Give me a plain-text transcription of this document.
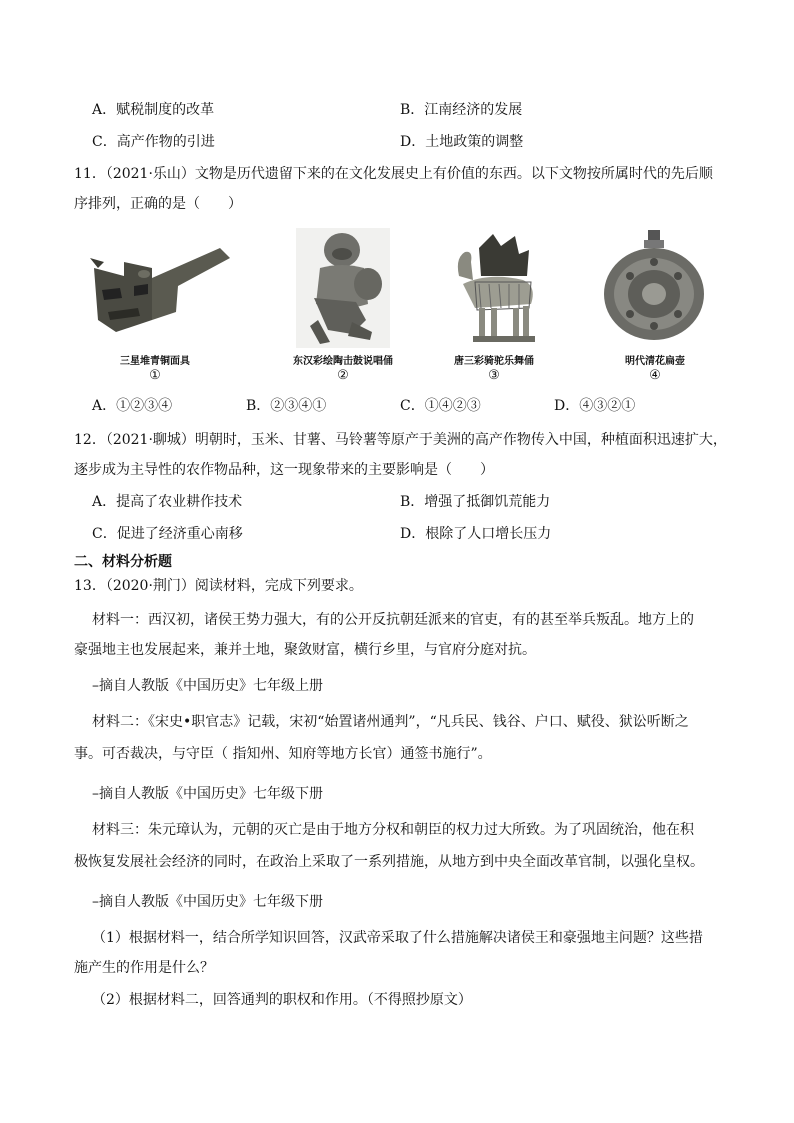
A．赋税制度的改革	B．江南经济的发展
C．高产作物的引进	D．土地政策的调整
11．（2021·乐山）文物是历代遗留下来的在文化发展史上有价值的东西。以下文物按所属时代的先后顺
序排列，正确的是（　　）
三星堆青铜面具
①
东汉彩绘陶击鼓说唱俑
②
唐三彩骑驼乐舞俑
③
明代清花扁壶
④
A．①②③④	B．②③④①	C．①④②③	D．④③②①
12．（2021·聊城）明朝时，玉米、甘薯、马铃薯等原产于美洲的高产作物传入中国，种植面积迅速扩大，
逐步成为主导性的农作物品种，这一现象带来的主要影响是（　　）
A．提高了农业耕作技术	B．增强了抵御饥荒能力
C．促进了经济重心南移	D．根除了人口增长压力
二、材料分析题
13．（2020·荆门）阅读材料，完成下列要求。
材料一：西汉初，诸侯王势力强大，有的公开反抗朝廷派来的官吏，有的甚至举兵叛乱。地方上的
豪强地主也发展起来，兼并土地，聚敛财富，横行乡里，与官府分庭对抗。
–摘自人教版《中国历史》七年级上册
材料二：《宋史•职官志》记载，宋初“始置诸州通判”，“凡兵民、钱谷、户口、赋役、狱讼听断之
事。可否裁决，与守臣（ 指知州、知府等地方长官）通签书施行”。
–摘自人教版《中国历史》七年级下册
材料三：朱元璋认为，元朝的灭亡是由于地方分权和朝臣的权力过大所致。为了巩固统治，他在积
极恢复发展社会经济的同时，在政治上采取了一系列措施，从地方到中央全面改革官制，以强化皇权。
–摘自人教版《中国历史》七年级下册
（1）根据材料一，结合所学知识回答，汉武帝采取了什么措施解决诸侯王和豪强地主问题？这些措
施产生的作用是什么？
（2）根据材料二，回答通判的职权和作用。（不得照抄原文）
